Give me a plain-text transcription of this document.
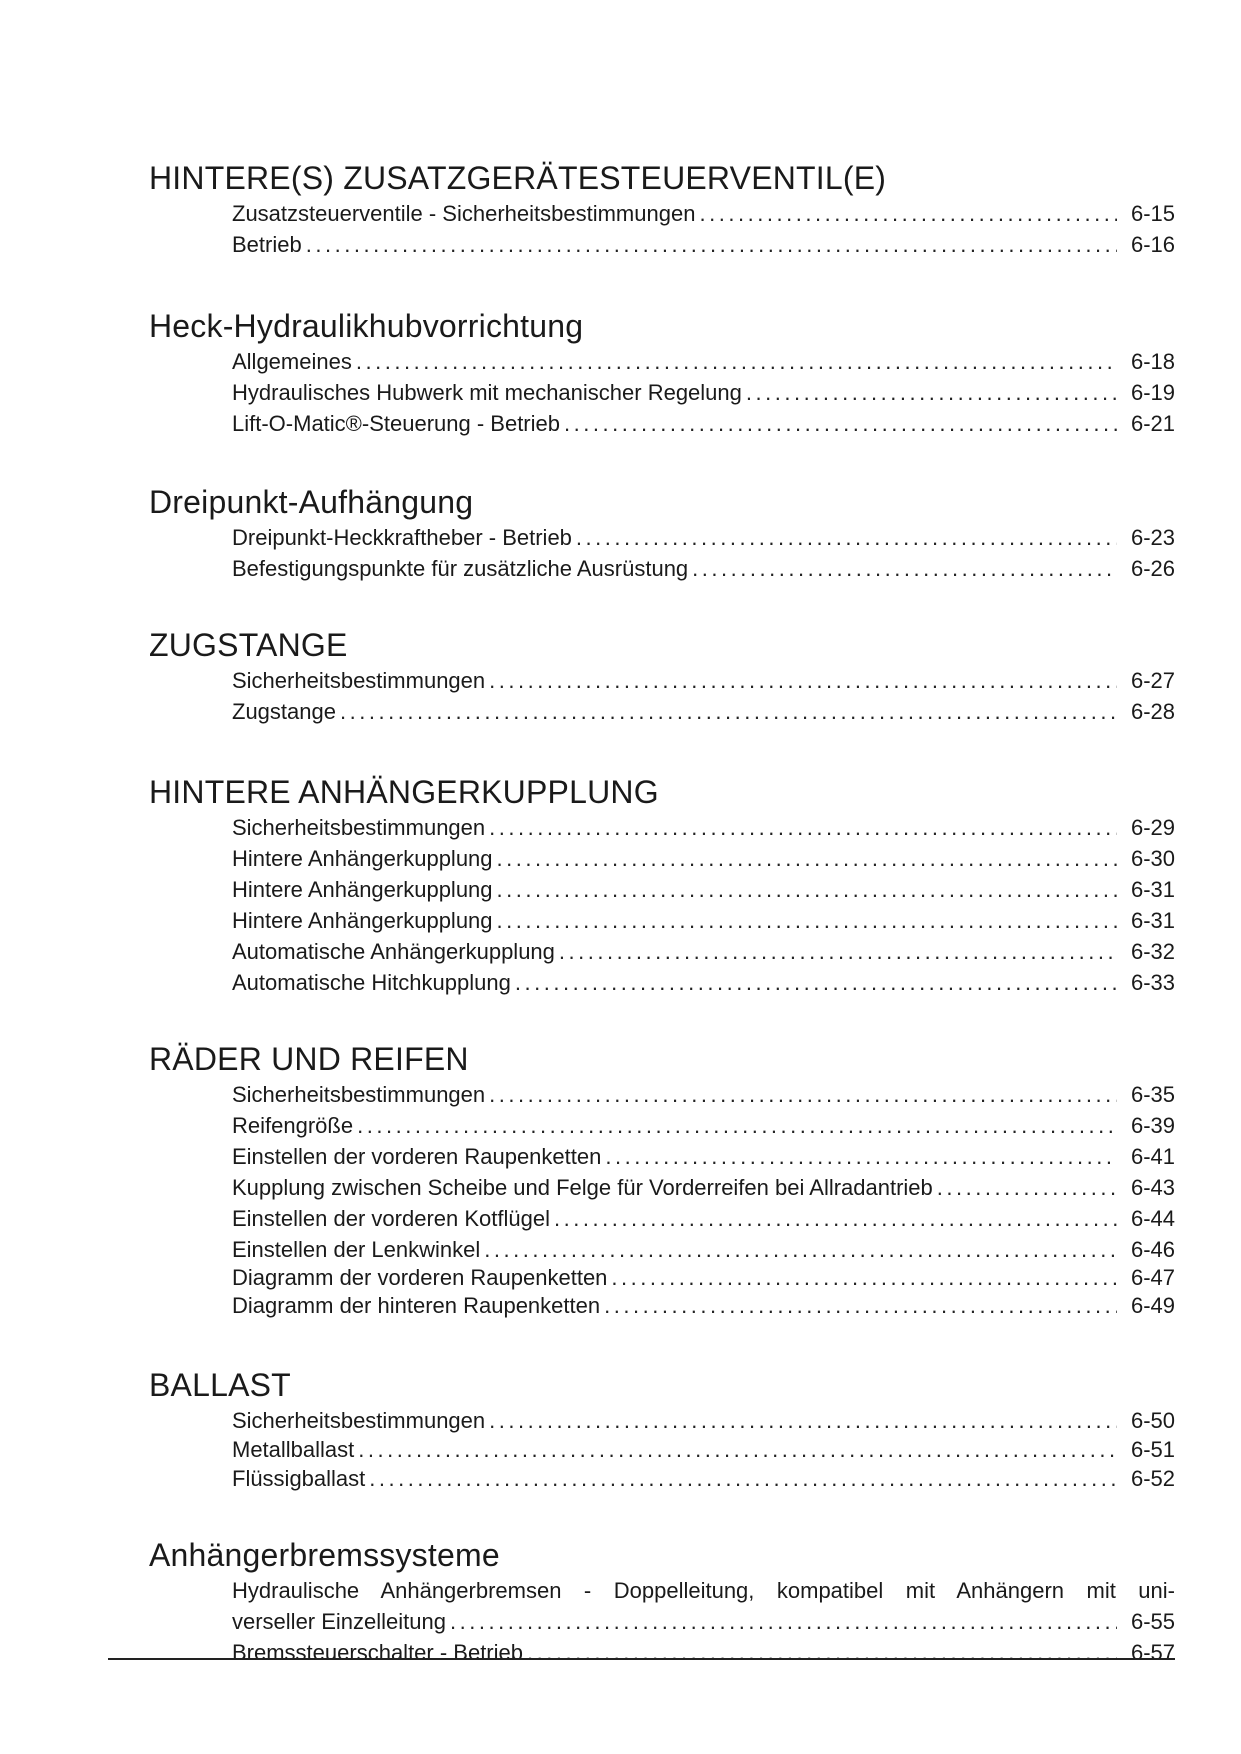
HINTERE(S) ZUSATZGERÄTESTEUERVENTIL(E)
Zusatzsteuerventile - Sicherheitsbestimmungen . . .	6-15
Betrieb . . .	6-16
Heck-Hydraulikhubvorrichtung
Allgemeines . . .	6-18
Hydraulisches Hubwerk mit mechanischer Regelung . . .	6-19
Lift-O-Matic®-Steuerung - Betrieb . . .	6-21
Dreipunkt-Aufhängung
Dreipunkt-Heckkraftheber - Betrieb . . .	6-23
Befestigungspunkte für zusätzliche Ausrüstung . . .	6-26
ZUGSTANGE
Sicherheitsbestimmungen . . .	6-27
Zugstange . . .	6-28
HINTERE ANHÄNGERKUPPLUNG
Sicherheitsbestimmungen . . .	6-29
Hintere Anhängerkupplung . . .	6-30
Hintere Anhängerkupplung . . .	6-31
Hintere Anhängerkupplung . . .	6-31
Automatische Anhängerkupplung . . .	6-32
Automatische Hitchkupplung . . .	6-33
RÄDER UND REIFEN
Sicherheitsbestimmungen . . .	6-35
Reifengröße . . .	6-39
Einstellen der vorderen Raupenketten . . .	6-41
Kupplung zwischen Scheibe und Felge für Vorderreifen bei Allradantrieb . . .	6-43
Einstellen der vorderen Kotflügel . . .	6-44
Einstellen der Lenkwinkel . . .	6-46
Diagramm der vorderen Raupenketten . . .	6-47
Diagramm der hinteren Raupenketten . . .	6-49
BALLAST
Sicherheitsbestimmungen . . .	6-50
Metallballast . . .	6-51
Flüssigballast . . .	6-52
Anhängerbremssysteme
Hydraulische Anhängerbremsen - Doppelleitung, kompatibel mit Anhängern mit uni-
verseller Einzelleitung . . .	6-55
Bremssteuerschalter - Betrieb . . .	6-57
